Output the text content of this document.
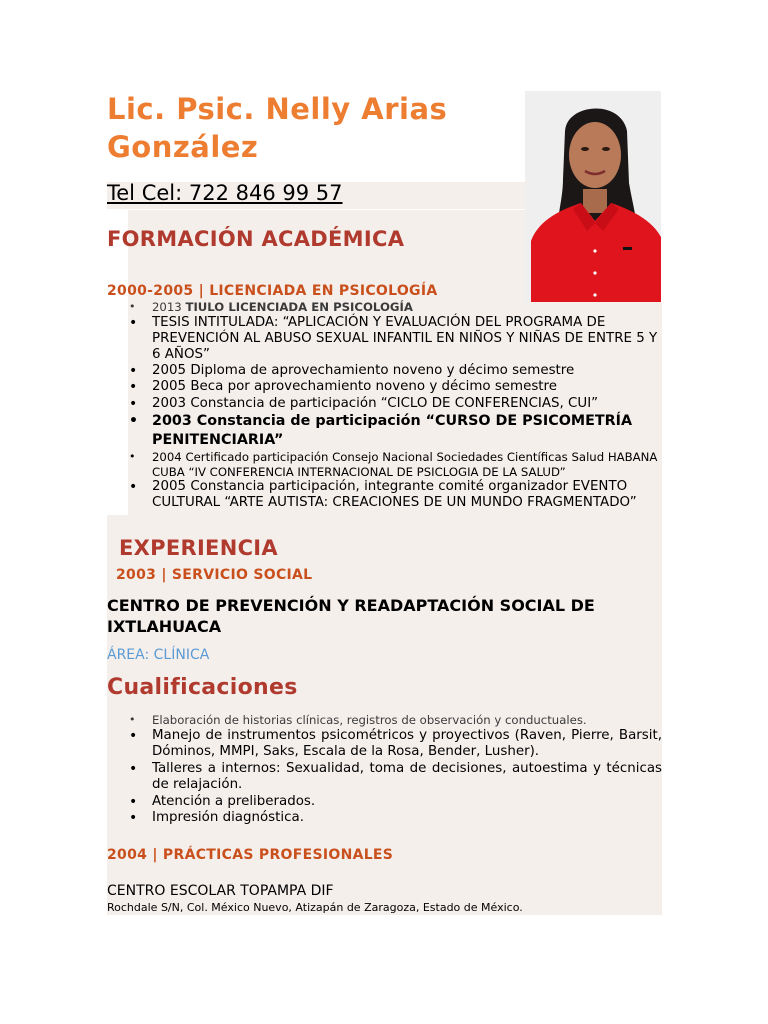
Lic. Psic. Nelly Arias González
Tel Cel: 722 846 99 57
FORMACIÓN ACADÉMICA
2000-2005 | LICENCIADA EN PSICOLOGÍA
• 2013 TIULO LICENCIADA EN PSICOLOGÍA
• TESIS INTITULADA: “APLICACIÓN Y EVALUACIÓN DEL PROGRAMA DE PREVENCIÓN AL ABUSO SEXUAL INFANTIL EN NIÑOS Y NIÑAS DE ENTRE 5 Y 6 AÑOS”
• 2005 Diploma de aprovechamiento noveno y décimo semestre
• 2005 Beca por aprovechamiento noveno y décimo semestre
• 2003 Constancia de participación “CICLO DE CONFERENCIAS, CUI”
• 2003 Constancia de participación “CURSO DE PSICOMETRÍA PENITENCIARIA”
• 2004 Certificado participación Consejo Nacional Sociedades Científicas Salud HABANA CUBA “IV CONFERENCIA INTERNACIONAL DE PSICLOGIA DE LA SALUD”
• 2005 Constancia participación, integrante comité organizador EVENTO CULTURAL “ARTE AUTISTA: CREACIONES DE UN MUNDO FRAGMENTADO”
EXPERIENCIA
2003 | SERVICIO SOCIAL
CENTRO DE PREVENCIÓN Y READAPTACIÓN SOCIAL DE IXTLAHUACA
ÁREA: CLÍNICA
Cualificaciones
• Elaboración de historias clínicas, registros de observación y conductuales.
• Manejo de instrumentos psicométricos y proyectivos (Raven, Pierre, Barsit, Dóminos, MMPI, Saks, Escala de la Rosa, Bender, Lusher).
• Talleres a internos: Sexualidad, toma de decisiones, autoestima y técnicas de relajación.
• Atención a preliberados.
• Impresión diagnóstica.
2004 | PRÁCTICAS PROFESIONALES
CENTRO ESCOLAR TOPAMPA DIF
Rochdale S/N, Col. México Nuevo, Atizapán de Zaragoza, Estado de México.
